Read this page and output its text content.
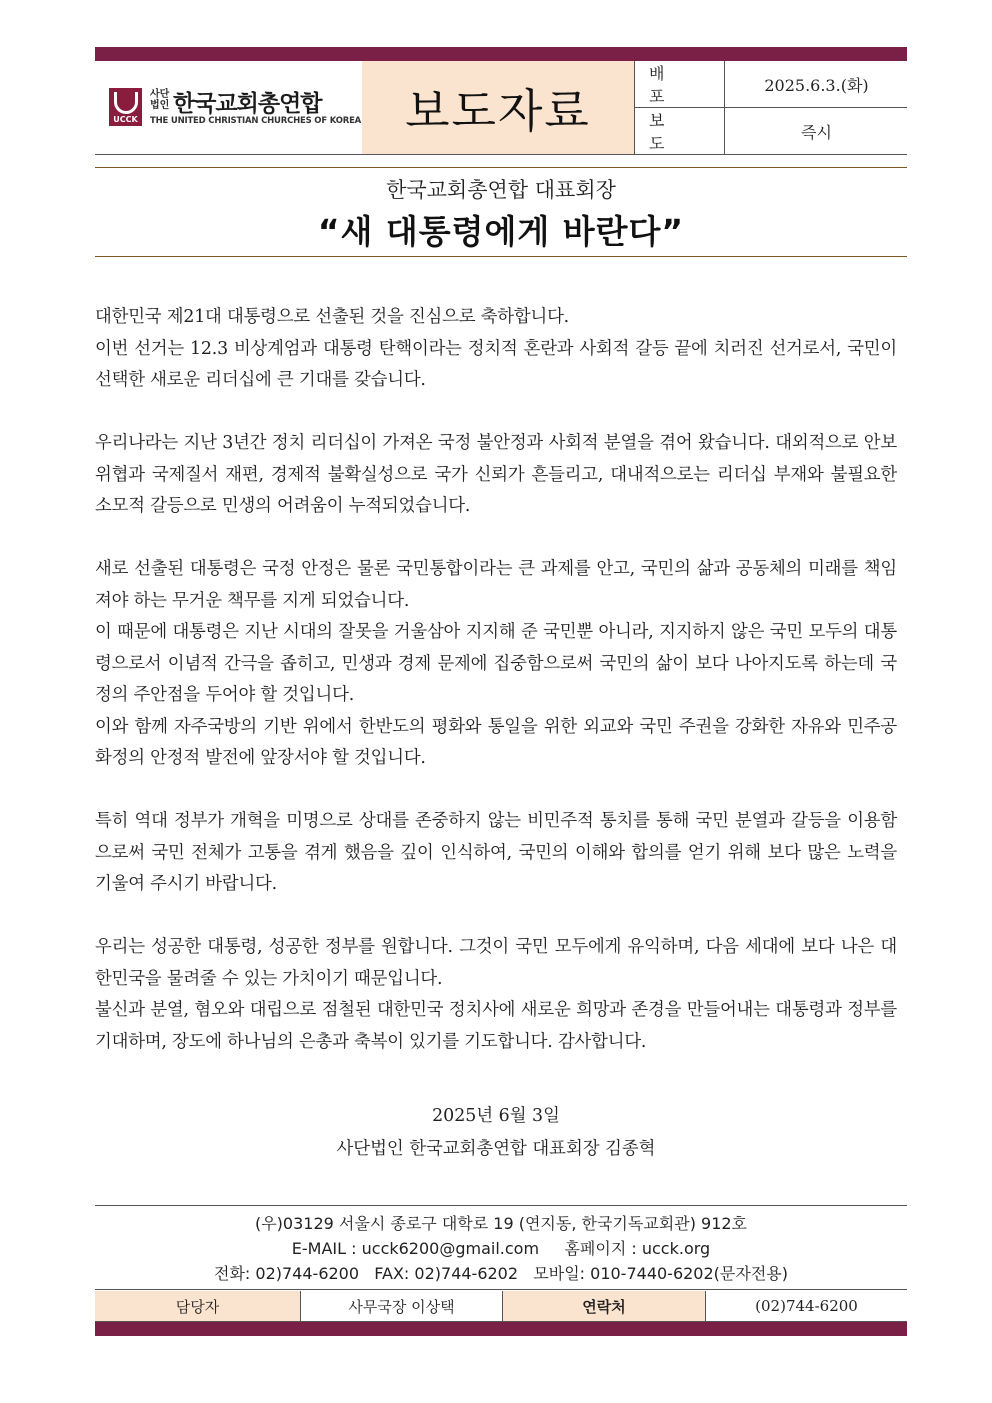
UCCK
사단
법인 한국교회총연합
THE UNITED CHRISTIAN CHURCHES OF KOREA 보도자료
배 포
2025.6.3.(화)
보 도
즉시
한국교회총연합 대표회장
“새 대통령에게 바란다”

대한민국 제21대 대통령으로 선출된 것을 진심으로 축하합니다.
이번 선거는 12.3 비상계엄과 대통령 탄핵이라는 정치적 혼란과 사회적 갈등 끝에 치러진 선거로서, 국민이 선택한 새로운 리더십에 큰 기대를 갖습니다.

우리나라는 지난 3년간 정치 리더십이 가져온 국정 불안정과 사회적 분열을 겪어 왔습니다. 대외적으로 안보 위협과 국제질서 재편, 경제적 불확실성으로 국가 신뢰가 흔들리고, 대내적으로는 리더십 부재와 불필요한 소모적 갈등으로 민생의 어려움이 누적되었습니다.

새로 선출된 대통령은 국정 안정은 물론 국민통합이라는 큰 과제를 안고, 국민의 삶과 공동체의 미래를 책임져야 하는 무거운 책무를 지게 되었습니다.
이 때문에 대통령은 지난 시대의 잘못을 거울삼아 지지해 준 국민뿐 아니라, 지지하지 않은 국민 모두의 대통령으로서 이념적 간극을 좁히고, 민생과 경제 문제에 집중함으로써 국민의 삶이 보다 나아지도록 하는데 국정의 주안점을 두어야 할 것입니다.
이와 함께 자주국방의 기반 위에서 한반도의 평화와 통일을 위한 외교와 국민 주권을 강화한 자유와 민주공화정의 안정적 발전에 앞장서야 할 것입니다.

특히 역대 정부가 개혁을 미명으로 상대를 존중하지 않는 비민주적 통치를 통해 국민 분열과 갈등을 이용함으로써 국민 전체가 고통을 겪게 했음을 깊이 인식하여, 국민의 이해와 합의를 얻기 위해 보다 많은 노력을 기울여 주시기 바랍니다.

우리는 성공한 대통령, 성공한 정부를 원합니다. 그것이 국민 모두에게 유익하며, 다음 세대에 보다 나은 대한민국을 물려줄 수 있는 가치이기 때문입니다.
불신과 분열, 혐오와 대립으로 점철된 대한민국 정치사에 새로운 희망과 존경을 만들어내는 대통령과 정부를 기대하며, 장도에 하나님의 은총과 축복이 있기를 기도합니다. 감사합니다.

2025년 6월 3일
사단법인 한국교회총연합 대표회장 김종혁
(우)03129 서울시 종로구 대학로 19 (연지동, 한국기독교회관) 912호
E-MAIL : ucck6200@gmail.com     홈페이지 : ucck.org
전화: 02)744-6200   FAX: 02)744-6202   모바일: 010-7440-6202(문자전용)
담당자	사무국장 이상택	연락처	(02)744-6200
